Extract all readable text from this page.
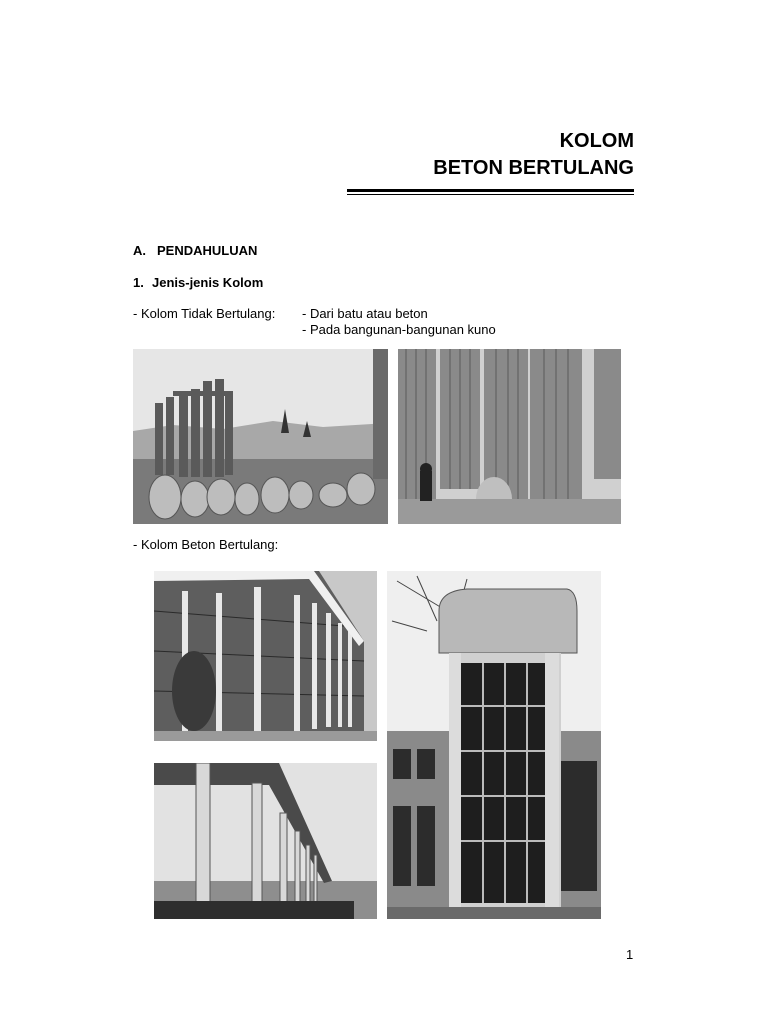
KOLOM
BETON BERTULANG
A. PENDAHULUAN
1. Jenis-jenis Kolom
- Kolom Tidak Bertulang: - Dari batu atau beton
- Pada bangunan-bangunan kuno
- Kolom Beton Bertulang:
1
